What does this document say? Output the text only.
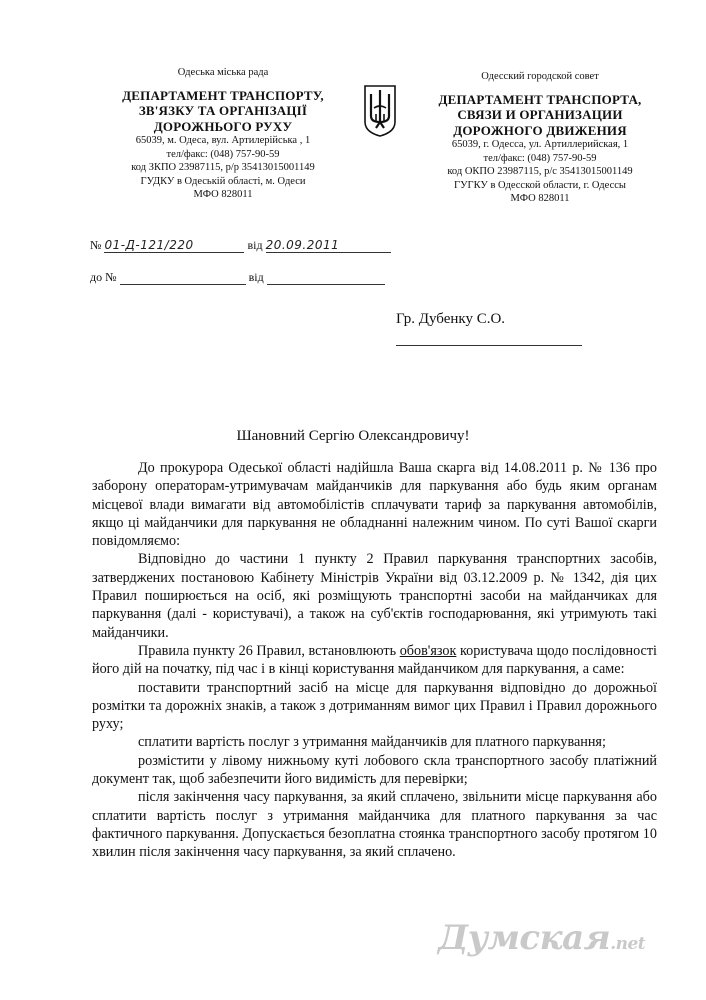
Одеська міська рада
ДЕПАРТАМЕНТ ТРАНСПОРТУ,
ЗВ'ЯЗКУ ТА ОРГАНІЗАЦІЇ
ДОРОЖНЬОГО РУХУ
65039, м. Одеса, вул. Артилерійська , 1
тел/факс: (048) 757-90-59
код ЗКПО 23987115, р/р 35413015001149
ГУДКУ в Одеській області, м. Одеси
МФО 828011
Одесский городской совет
ДЕПАРТАМЕНТ ТРАНСПОРТА,
СВЯЗИ И ОРГАНИЗАЦИИ
ДОРОЖНОГО ДВИЖЕНИЯ
65039, г. Одесса, ул. Артиллерийская, 1
тел/факс: (048) 757-90-59
код ОКПО 23987115, р/с 35413015001149
ГУГКУ в Одесской области, г. Одессы
МФО 828011
№ 01-Д-121/220	від 20.09.2011
до №	від
Гр. Дубенку С.О.
Шановний Сергію Олександровичу!

До прокурора Одеської області надійшла Ваша скарга від 14.08.2011 р. № 136 про заборону операторам-утримувачам майданчиків для паркування або будь яким органам місцевої влади вимагати від автомобілістів сплачувати тариф за паркування автомобілів, якщо ці майданчики для паркування не обладнанні належним чином. По суті Вашої скарги повідомляємо:

Відповідно до частини 1 пункту 2 Правил паркування транспортних засобів, затверджених постановою Кабінету Міністрів України від 03.12.2009 р. № 1342, дія цих Правил поширюється на осіб, які розміщують транспортні засоби на майданчиках для паркування (далі - користувачі), а також на суб'єктів господарювання, які утримують такі майданчики.

Правила пункту 26 Правил, встановлюють обов'язок користувача щодо послідовності його дій на початку, під час і в кінці користування майданчиком для паркування, а саме:

поставити транспортний засіб на місце для паркування відповідно до дорожньої розмітки та дорожніх знаків, а також з дотриманням вимог цих Правил і Правил дорожнього руху;

сплатити вартість послуг з утримання майданчиків для платного паркування;

розмістити у лівому нижньому куті лобового скла транспортного засобу платіжний документ так, щоб забезпечити його видимість для перевірки;

після закінчення часу паркування, за який сплачено, звільнити місце паркування або сплатити вартість послуг з утримання майданчика для платного паркування за час фактичного паркування. Допускається безоплатна стоянка транспортного засобу протягом 10 хвилин після закінчення часу паркування, за який сплачено.

Думская.net
